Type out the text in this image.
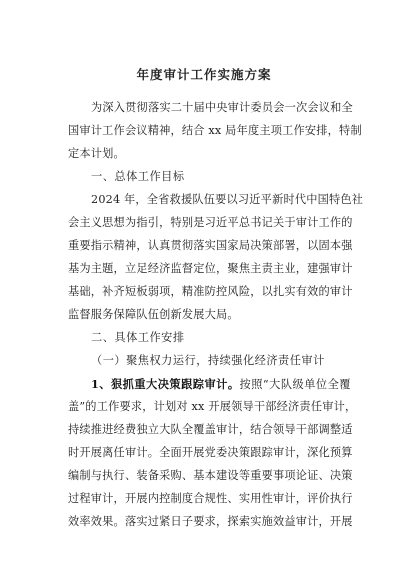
年度审计工作实施方案
为深入贯彻落实二十届中央审计委员会一次会议和全
国审计工作会议精神，结合 xx 局年度主项工作安排，特制
定本计划。
一、总体工作目标
2024 年，全省救援队伍要以习近平新时代中国特色社
会主义思想为指引，特别是习近平总书记关于审计工作的
重要指示精神，认真贯彻落实国家局决策部署，以固本强
基为主题，立足经济监督定位，聚焦主责主业，建强审计
基础，补齐短板弱项，精准防控风险，以扎实有效的审计
监督服务保障队伍创新发展大局。
二、具体工作安排
（一）聚焦权力运行，持续强化经济责任审计
1、狠抓重大决策跟踪审计。按照“大队级单位全覆
盖”的工作要求，计划对 xx 开展领导干部经济责任审计，
持续推进经费独立大队全覆盖审计，结合领导干部调整适
时开展离任审计。全面开展党委决策跟踪审计，深化预算
编制与执行、装备采购、基本建设等重要事项论证、决策
过程审计，开展内控制度合规性、实用性审计，评价执行
效率效果。落实过紧日子要求，探索实施效益审计，开展
